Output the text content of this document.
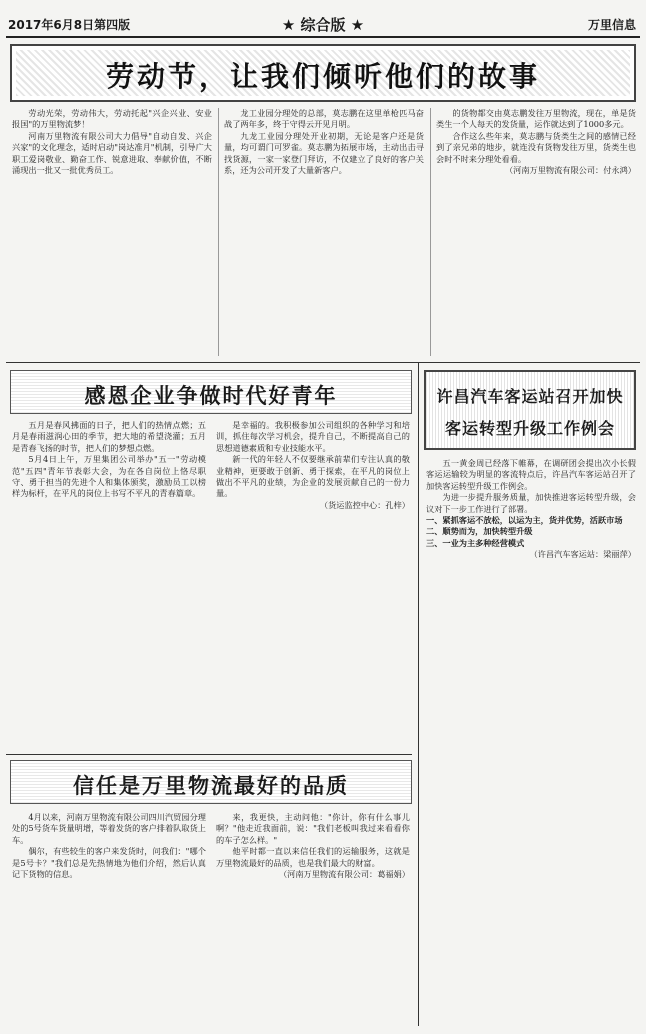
2017年6月8日第四版	★ 综合版 ★	万里信息
劳动节，让我们倾听他们的故事

劳动光荣，劳动伟大，劳动托起"兴企兴业、安业报国"的万里物流梦！

河南万里物流有限公司大力倡导"自动自发、兴企兴家"的文化理念，适时启动"岗达准月"机制，引导广大职工爱岗敬业、勤奋工作、锐意进取、奉献价值，不断涌现出一批又一批优秀员工。

龙工业园分理处的总部，莫志鹏在这里单枪匹马奋战了两年多，终于守得云开见月明。

九龙工业园分理处开业初期，无论是客户还是货量，均可谓门可罗雀。莫志鹏为拓展市场，主动出击寻找货源，一家一家登门拜访，不仅建立了良好的客户关系，还为公司开发了大量新客户。

的货物都交由莫志鹏发往万里物流，现在，单是货类生一个人每天的发货量，运作就达到了1000多元。

合作这么些年来，莫志鹏与货类生之间的感情已经到了亲兄弟的地步，就连没有货物发往万里，货类生也会时不时来分理处看看。

（河南万里物流有限公司：付永鸿）
感恩企业争做时代好青年

五月是春风拂面的日子，把人们的热情点燃；五月是春雨滋润心田的季节，把大地的希望浇灌；五月是青春飞扬的时节，把人们的梦想点燃。

5月4日上午，万里集团公司举办"五一"劳动模范"五四"青年节表彰大会，为在各自岗位上恪尽职守、勇于担当的先进个人和集体颁奖，激励员工以榜样为标杆，在平凡的岗位上书写不平凡的青春篇章。

是幸福的。我积极参加公司组织的各种学习和培训，抓住每次学习机会，提升自己，不断提高自己的思想道德素质和专业技能水平。

新一代的年轻人不仅要继承前辈们专注认真的敬业精神，更要敢于创新、勇于探索，在平凡的岗位上做出不平凡的业绩，为企业的发展贡献自己的一份力量。

（货运监控中心：孔梓）
信任是万里物流最好的品质

4月以来，河南万里物流有限公司四川汽贸园分理处的5号货车货量明增，等着发货的客户排着队取货上车。

偶尔，有些较生的客户来发货时，问我们："哪个是5号卡？"我们总是先热情地为他们介绍，然后认真记下货物的信息。

来，我更快，主动问他："你计，你有什么事儿啊？"他走近我面前，说："我们老板叫我过来看看你的车子怎么样。"

他平时都一直以来信任我们的运输服务，这就是万里物流最好的品质，也是我们最大的财富。

（河南万里物流有限公司：葛福娟）
许昌汽车客运站召开加快
客运转型升级工作例会

五一黄金周已经落下帷幕，在调研团会提出次小长假客运运输较为明显的客流特点后，许昌汽车客运站召开了加快客运转型升级工作例会。

为进一步提升服务质量，加快推进客运转型升级，会议对下一步工作进行了部署。

一、紧抓客运不放松，以运为主，货并优势，活跃市场

二、顺势而为，加快转型升级

三、一业为主多种经营模式

（许昌汽车客运站：梁丽萍）
